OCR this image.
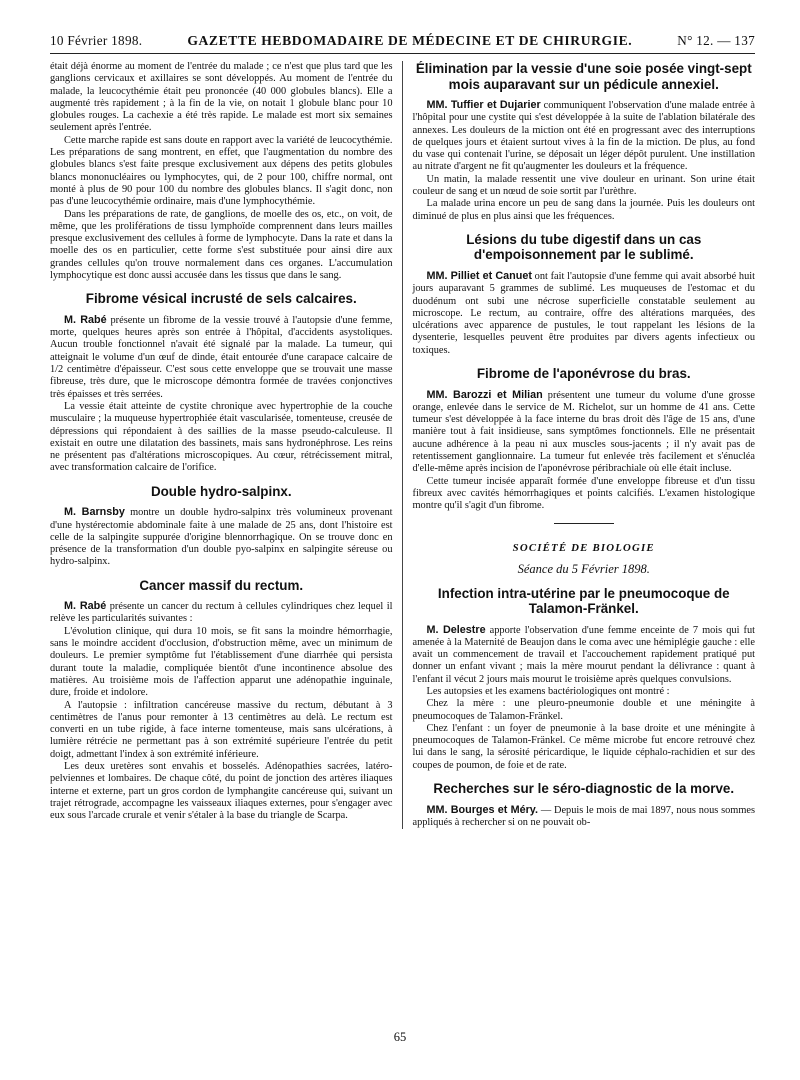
10 Février 1898.	GAZETTE HEBDOMADAIRE DE MÉDECINE ET DE CHIRURGIE.	N° 12. — 137

était déjà énorme au moment de l'entrée du malade ; ce n'est que plus tard que les ganglions cervicaux et axillaires se sont développés. Au moment de l'entrée du malade, la leucocythémie était peu prononcée (40 000 globules blancs). Elle a augmenté très rapidement ; à la fin de la vie, on notait 1 globule blanc pour 10 globules rouges. La cachexie a été très rapide. Le malade est mort six semaines seulement après l'entrée.

Cette marche rapide est sans doute en rapport avec la variété de leucocythémie. Les préparations de sang montrent, en effet, que l'augmentation du nombre des globules blancs s'est faite presque exclusivement aux dépens des petits globules blancs mononucléaires ou lymphocytes, qui, de 2 pour 100, chiffre normal, ont monté à plus de 90 pour 100 du nombre des globules blancs. Il s'agit donc, non pas d'une leucocythémie ordinaire, mais d'une lymphocythémie.

Dans les préparations de rate, de ganglions, de moelle des os, etc., on voit, de même, que les proliférations de tissu lymphoïde comprennent dans leurs mailles presque exclusivement des cellules à forme de lymphocyte. Dans la rate et dans la moelle des os en particulier, cette forme s'est substituée pour ainsi dire aux grandes cellules qu'on trouve normalement dans ces organes. L'accumulation lymphocytique est donc aussi accusée dans les tissus que dans le sang.

Fibrome vésical incrusté de sels calcaires.

M. Rabé présente un fibrome de la vessie trouvé à l'autopsie d'une femme, morte, quelques heures après son entrée à l'hôpital, d'accidents asystoliques. Aucun trouble fonctionnel n'avait été signalé par la malade. La tumeur, qui atteignait le volume d'un œuf de dinde, était entourée d'une carapace calcaire de 1/2 centimètre d'épaisseur. C'est sous cette enveloppe que se trouvait une masse fibreuse, très dure, que le microscope démontra formée de travées conjonctives très épaisses et très serrées.

La vessie était atteinte de cystite chronique avec hypertrophie de la couche musculaire ; la muqueuse hypertrophiée était vascularisée, tomenteuse, creusée de dépressions qui répondaient à des saillies de la masse pseudo-calculeuse. Il existait en outre une dilatation des bassinets, mais sans hydronéphrose. Les reins ne présentent pas d'altérations microscopiques. Au cœur, rétrécissement mitral, avec transformation calcaire de l'orifice.

Double hydro-salpinx.

M. Barnsby montre un double hydro-salpinx très volumineux provenant d'une hystérectomie abdominale faite à une malade de 25 ans, dont l'histoire est celle de la salpingite suppurée d'origine blennorrhagique. On se trouve donc en présence de la transformation d'un double pyo-salpinx en salpingite séreuse ou hydro-salpinx.

Cancer massif du rectum.

M. Rabé présente un cancer du rectum à cellules cylindriques chez lequel il relève les particularités suivantes :

L'évolution clinique, qui dura 10 mois, se fit sans la moindre hémorrhagie, sans le moindre accident d'occlusion, d'obstruction même, avec un minimum de douleurs. Le premier symptôme fut l'établissement d'une diarrhée qui persista durant toute la maladie, compliquée bientôt d'une incontinence absolue des matières. Au troisième mois de l'affection apparut une adénopathie inguinale, dure, froide et indolore.

A l'autopsie : infiltration cancéreuse massive du rectum, débutant à 3 centimètres de l'anus pour remonter à 13 centimètres au delà. Le rectum est converti en un tube rigide, à face interne tomenteuse, mais sans ulcérations, à lumière rétrécie ne permettant pas à son extrémité supérieure l'entrée du petit doigt, admettant l'index à son extrémité inférieure.

Les deux uretères sont envahis et bosselés. Adénopathies sacrées, latéro-pelviennes et lombaires. De chaque côté, du point de jonction des artères iliaques interne et externe, part un gros cordon de lymphangite cancéreuse qui, suivant un trajet rétrograde, accompagne les vaisseaux iliaques externes, pour s'engager avec eux sous l'arcade crurale et venir s'étaler à la base du triangle de Scarpa.

Élimination par la vessie d'une soie posée vingt-sept mois auparavant sur un pédicule annexiel.

MM. Tuffier et Dujarier communiquent l'observation d'une malade entrée à l'hôpital pour une cystite qui s'est développée à la suite de l'ablation bilatérale des annexes. Les douleurs de la miction ont été en progressant avec des interruptions de quelques jours et étaient surtout vives à la fin de la miction. De plus, au fond du vase qui contenait l'urine, se déposait un léger dépôt purulent. Une instillation au nitrate d'argent ne fit qu'augmenter les douleurs et la fréquence.

Un matin, la malade ressentit une vive douleur en urinant. Son urine était couleur de sang et un nœud de soie sortit par l'urèthre.

La malade urina encore un peu de sang dans la journée. Puis les douleurs ont diminué de plus en plus ainsi que les fréquences.

Lésions du tube digestif dans un cas d'empoisonnement par le sublimé.

MM. Pilliet et Canuet ont fait l'autopsie d'une femme qui avait absorbé huit jours auparavant 5 grammes de sublimé. Les muqueuses de l'estomac et du duodénum ont subi une nécrose superficielle constatable seulement au microscope. Le rectum, au contraire, offre des altérations marquées, des ulcérations avec apparence de pustules, le tout rappelant les lésions de la dysenterie, lesquelles peuvent être produites par divers agents infectieux ou toxiques.

Fibrome de l'aponévrose du bras.

MM. Barozzi et Milian présentent une tumeur du volume d'une grosse orange, enlevée dans le service de M. Richelot, sur un homme de 41 ans. Cette tumeur s'est développée à la face interne du bras droit dès l'âge de 15 ans, d'une manière tout à fait insidieuse, sans symptômes fonctionnels. Elle ne présentait aucune adhérence à la peau ni aux muscles sous-jacents ; il n'y avait pas de retentissement ganglionnaire. La tumeur fut enlevée très facilement et s'énucléa d'elle-même après incision de l'aponévrose péribrachiale où elle était incluse.

Cette tumeur incisée apparaît formée d'une enveloppe fibreuse et d'un tissu fibreux avec cavités hémorrhagiques et points calcifiés. L'examen histologique montre qu'il s'agit d'un fibrome.

SOCIÉTÉ DE BIOLOGIE
Séance du 5 Février 1898.
Infection intra-utérine par le pneumocoque de Talamon-Fränkel.

M. Delestre apporte l'observation d'une femme enceinte de 7 mois qui fut amenée à la Maternité de Beaujon dans le coma avec une hémiplégie gauche : elle avait un commencement de travail et l'accouchement rapidement pratiqué put donner un enfant vivant ; mais la mère mourut pendant la délivrance : quant à l'enfant il vécut 2 jours mais mourut le troisième après quelques convulsions.

Les autopsies et les examens bactériologiques ont montré :

Chez la mère : une pleuro-pneumonie double et une méningite à pneumocoques de Talamon-Fränkel.

Chez l'enfant : un foyer de pneumonie à la base droite et une méningite à pneumocoques de Talamon-Fränkel. Ce même microbe fut encore retrouvé chez lui dans le sang, la sérosité péricardique, le liquide céphalo-rachidien et sur des coupes de poumon, de foie et de rate.

Recherches sur le séro-diagnostic de la morve.

MM. Bourges et Méry. — Depuis le mois de mai 1897, nous nous sommes appliqués à rechercher si on ne pouvait ob-

65
